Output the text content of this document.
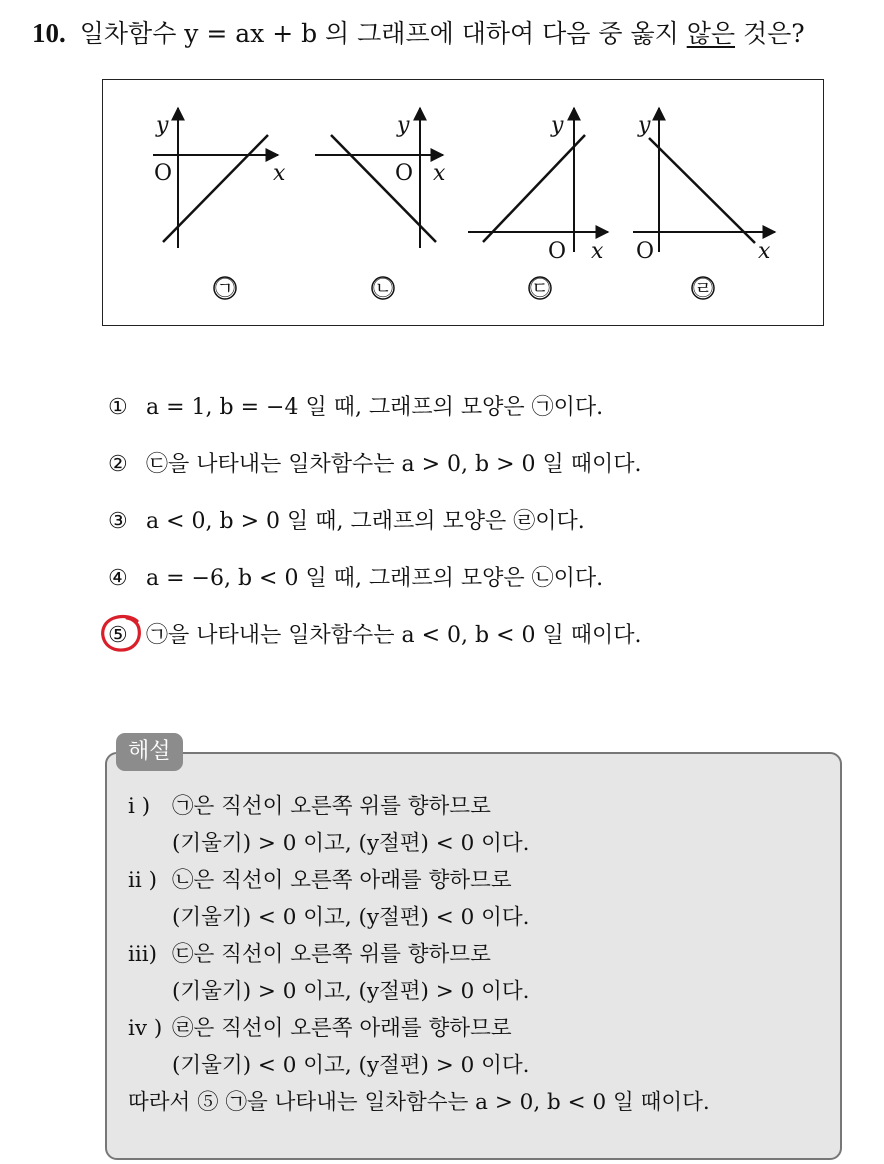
10. 일차함수 y = ax + b 의 그래프에 대하여 다음 중 옳지 않은 것은?
y
O	x
y
O x
y
O x
y
O	x
㉠	㉡	㉢	㉣
① a = 1, b = −4 일 때, 그래프의 모양은 ㉠이다.
② ㉢을 나타내는 일차함수는 a > 0, b > 0 일 때이다.
③ a < 0, b > 0 일 때, 그래프의 모양은 ㉣이다.
④ a = −6, b < 0 일 때, 그래프의 모양은 ㉡이다.
⑤ ㉠을 나타내는 일차함수는 a < 0, b < 0 일 때이다.
해설
i ) ㉠은 직선이 오른쪽 위를 향하므로
(기울기) > 0 이고, (y절편) < 0 이다.
ii ) ㉡은 직선이 오른쪽 아래를 향하므로
(기울기) < 0 이고, (y절편) < 0 이다.
iii) ㉢은 직선이 오른쪽 위를 향하므로
(기울기) > 0 이고, (y절편) > 0 이다.
iv ) ㉣은 직선이 오른쪽 아래를 향하므로
(기울기) < 0 이고, (y절편) > 0 이다.
따라서 ⑤ ㉠을 나타내는 일차함수는 a > 0, b < 0 일 때이다.
